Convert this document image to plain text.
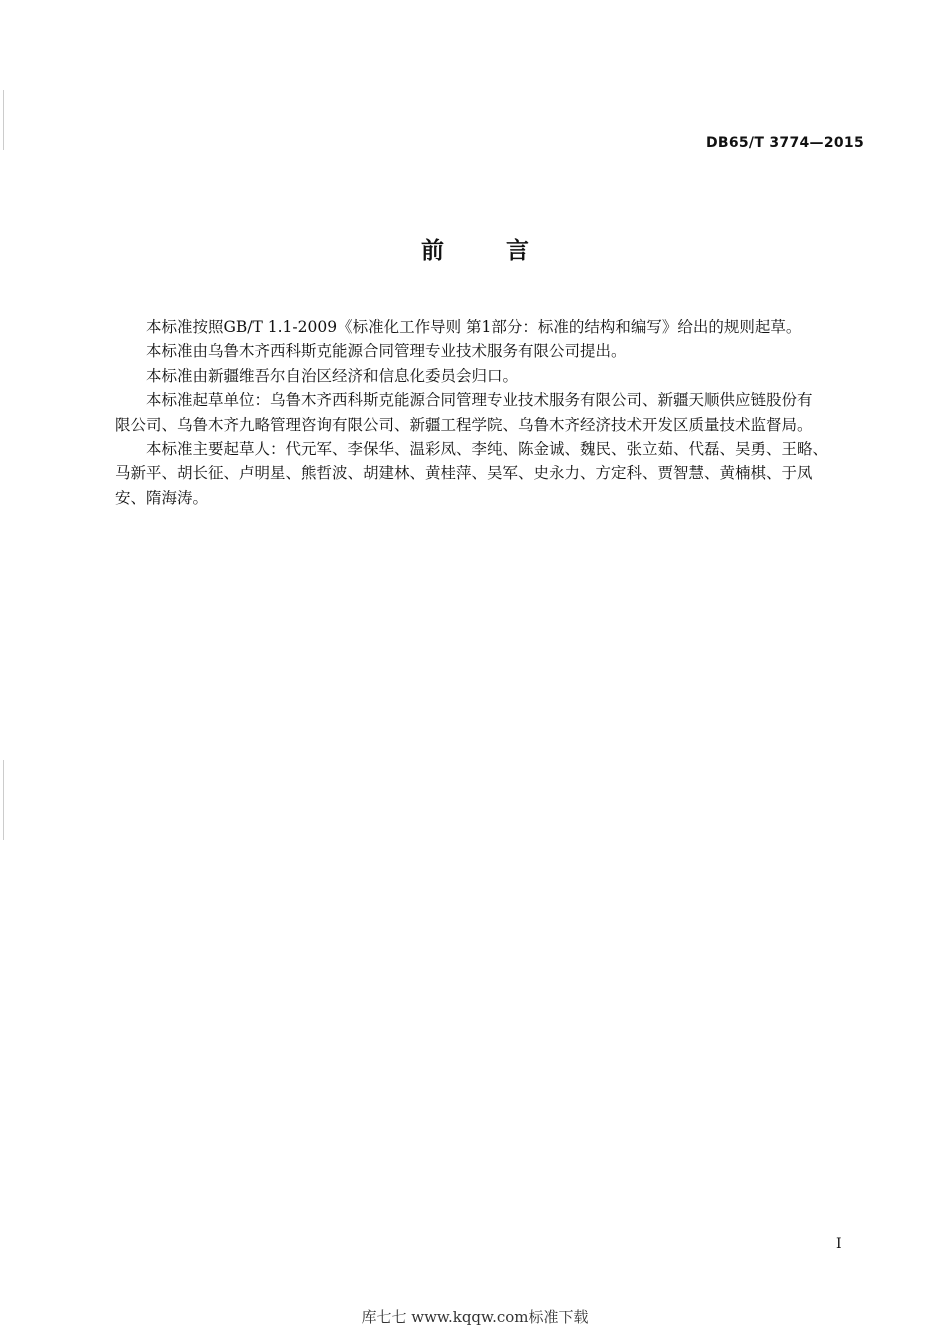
DB65/T 3774—2015
前言
本标准按照GB/T 1.1-2009《标准化工作导则 第1部分：标准的结构和编写》给出的规则起草。
本标准由乌鲁木齐西科斯克能源合同管理专业技术服务有限公司提出。
本标准由新疆维吾尔自治区经济和信息化委员会归口。
本标准起草单位：乌鲁木齐西科斯克能源合同管理专业技术服务有限公司、新疆天顺供应链股份有
限公司、乌鲁木齐九略管理咨询有限公司、新疆工程学院、乌鲁木齐经济技术开发区质量技术监督局。
本标准主要起草人：代元军、李保华、温彩凤、李纯、陈金诚、魏民、张立茹、代磊、吴勇、王略、
马新平、胡长征、卢明星、熊哲波、胡建林、黄桂萍、吴军、史永力、方定科、贾智慧、黄楠棋、于凤
安、隋海涛。
I
库七七 www.kqqw.com标准下载
